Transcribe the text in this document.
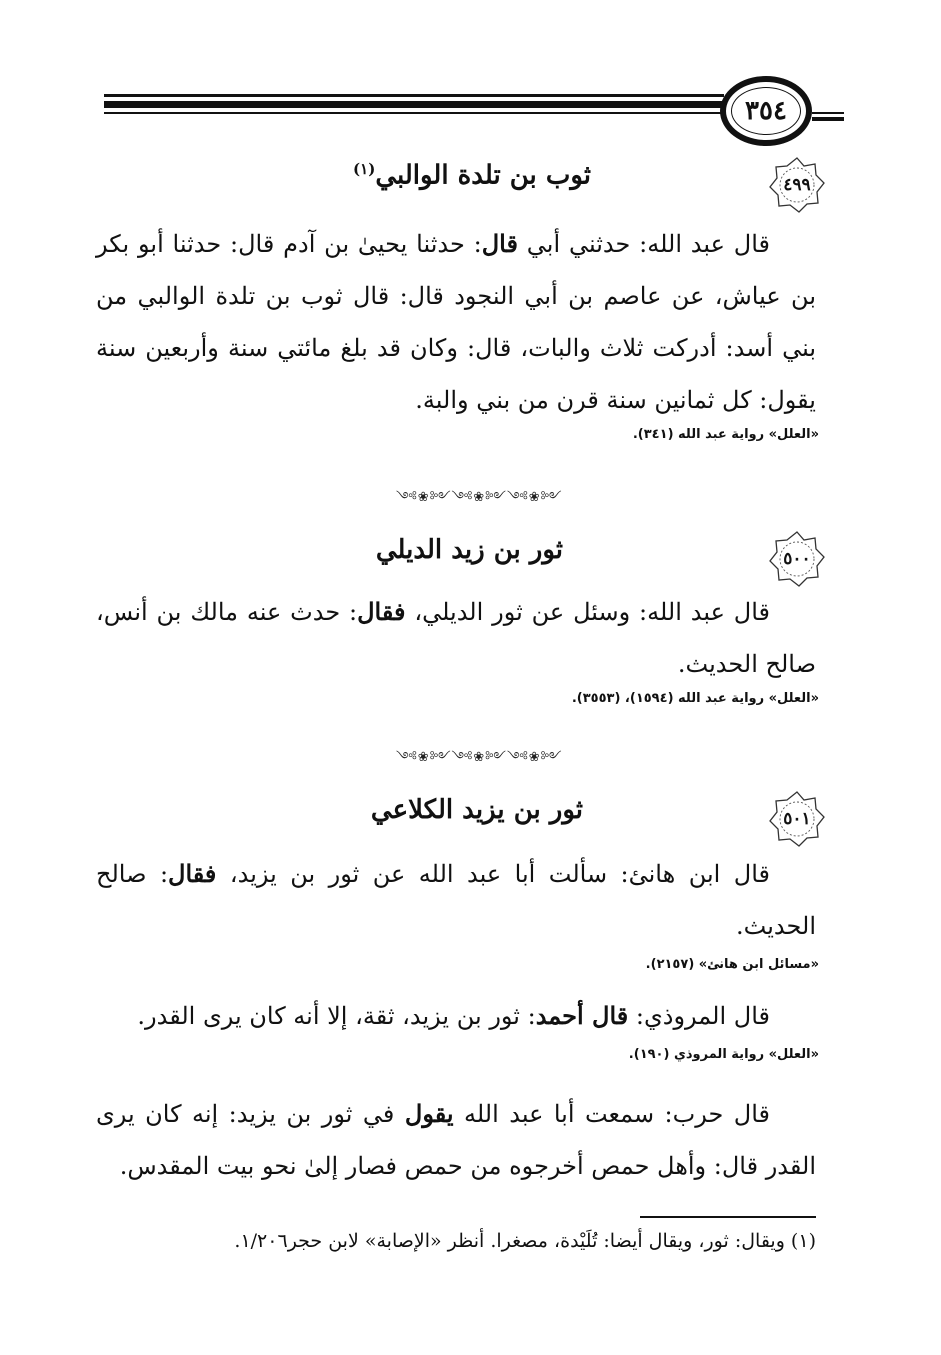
٣٥٤
٤٩٩
ثوب بن تلدة الوالبي$^{(١)}$
قال عبد الله: حدثني أبي قال: حدثنا يحيىٰ بن آدم قال: حدثنا أبو بكر بن عياش، عن عاصم بن أبي النجود قال: قال ثوب بن تلدة الوالبي من بني أسد: أدركت ثلاث والبات، قال: وكان قد بلغ مائتي سنة وأربعين سنة يقول: كل ثمانين سنة قرن من بني والبة.
«العلل» رواية عبد الله (٣٤١).
༺❀༻༺❀༻༺❀༻
٥٠٠
ثور بن زيد الديلي
قال عبد الله: وسئل عن ثور الديلي، فقال: حدث عنه مالك بن أنس، صالح الحديث.
«العلل» رواية عبد الله (١٥٩٤)، (٣٥٥٣).
༺❀༻༺❀༻༺❀༻
٥٠١
ثور بن يزيد الكلاعي
قال ابن هانئ: سألت أبا عبد الله عن ثور بن يزيد، فقال: صالح الحديث.
«مسائل ابن هانئ» (٢١٥٧).
قال المروذي: قال أحمد: ثور بن يزيد، ثقة، إلا أنه كان يرى القدر.
«العلل» رواية المروذي (١٩٠).
قال حرب: سمعت أبا عبد الله يقول في ثور بن يزيد: إنه كان يرى القدر قال: وأهل حمص أخرجوه من حمص فصار إلىٰ نحو بيت المقدس.
(١) ويقال: ثور، ويقال أيضا: تُلَيْدة، مصغرا. أنظر «الإصابة» لابن حجر١/٢٠٦.
